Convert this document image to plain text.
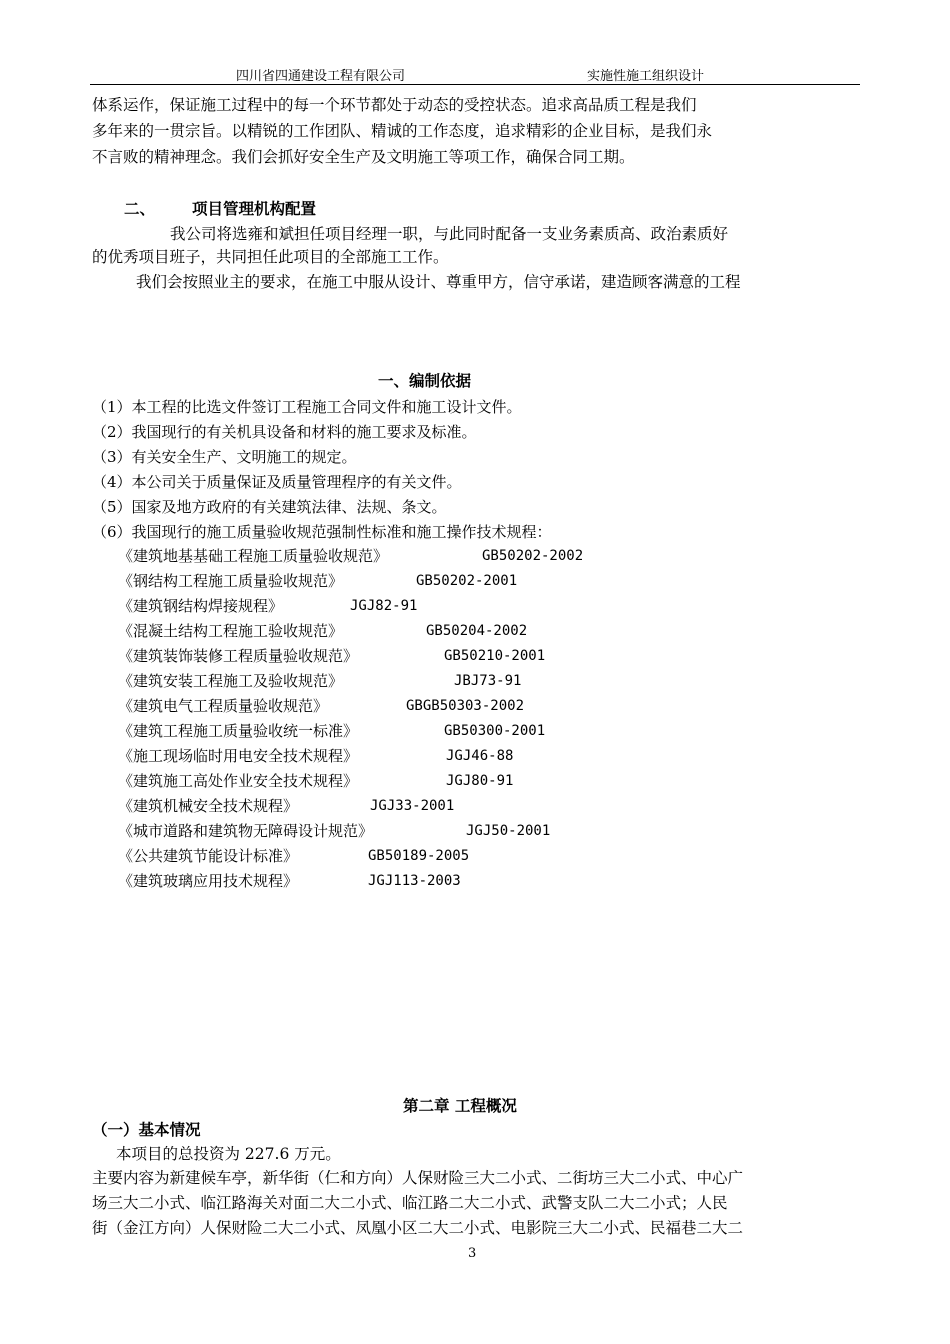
四川省四通建设工程有限公司	实施性施工组织设计
体系运作，保证施工过程中的每一个环节都处于动态的受控状态。追求高品质工程是我们
多年来的一贯宗旨。以精锐的工作团队、精诚的工作态度，追求精彩的企业目标，是我们永
不言败的精神理念。我们会抓好安全生产及文明施工等项工作，确保合同工期。
二、 项目管理机构配置
我公司将选雍和斌担任项目经理一职，与此同时配备一支业务素质高、政治素质好
的优秀项目班子，共同担任此项目的全部施工工作。
我们会按照业主的要求，在施工中服从设计、尊重甲方，信守承诺，建造顾客满意的工程
一、编制依据
（1）本工程的比选文件签订工程施工合同文件和施工设计文件。
（2）我国现行的有关机具设备和材料的施工要求及标准。
（3）有关安全生产、文明施工的规定。
（4）本公司关于质量保证及质量管理程序的有关文件。
（5）国家及地方政府的有关建筑法律、法规、条文。
（6）我国现行的施工质量验收规范强制性标准和施工操作技术规程：
《建筑地基基础工程施工质量验收规范》	GB50202-2002
《钢结构工程施工质量验收规范》	GB50202-2001
《建筑钢结构焊接规程》	JGJ82-91
《混凝土结构工程施工验收规范》	GB50204-2002
《建筑装饰装修工程质量验收规范》	GB50210-2001
《建筑安装工程施工及验收规范》	JBJ73-91
《建筑电气工程质量验收规范》	GBGB50303-2002
《建筑工程施工质量验收统一标准》	GB50300-2001
《施工现场临时用电安全技术规程》	JGJ46-88
《建筑施工高处作业安全技术规程》	JGJ80-91
《建筑机械安全技术规程》	JGJ33-2001
《城市道路和建筑物无障碍设计规范》	JGJ50-2001
《公共建筑节能设计标准》	GB50189-2005
《建筑玻璃应用技术规程》	JGJ113-2003
第二章 工程概况
（一）基本情况
本项目的总投资为 227.6 万元。
主要内容为新建候车亭，新华街（仁和方向）人保财险三大二小式、二街坊三大二小式、中心广
场三大二小式、临江路海关对面二大二小式、临江路二大二小式、武警支队二大二小式；人民
街（金江方向）人保财险二大二小式、凤凰小区二大二小式、电影院三大二小式、民福巷二大二
3
